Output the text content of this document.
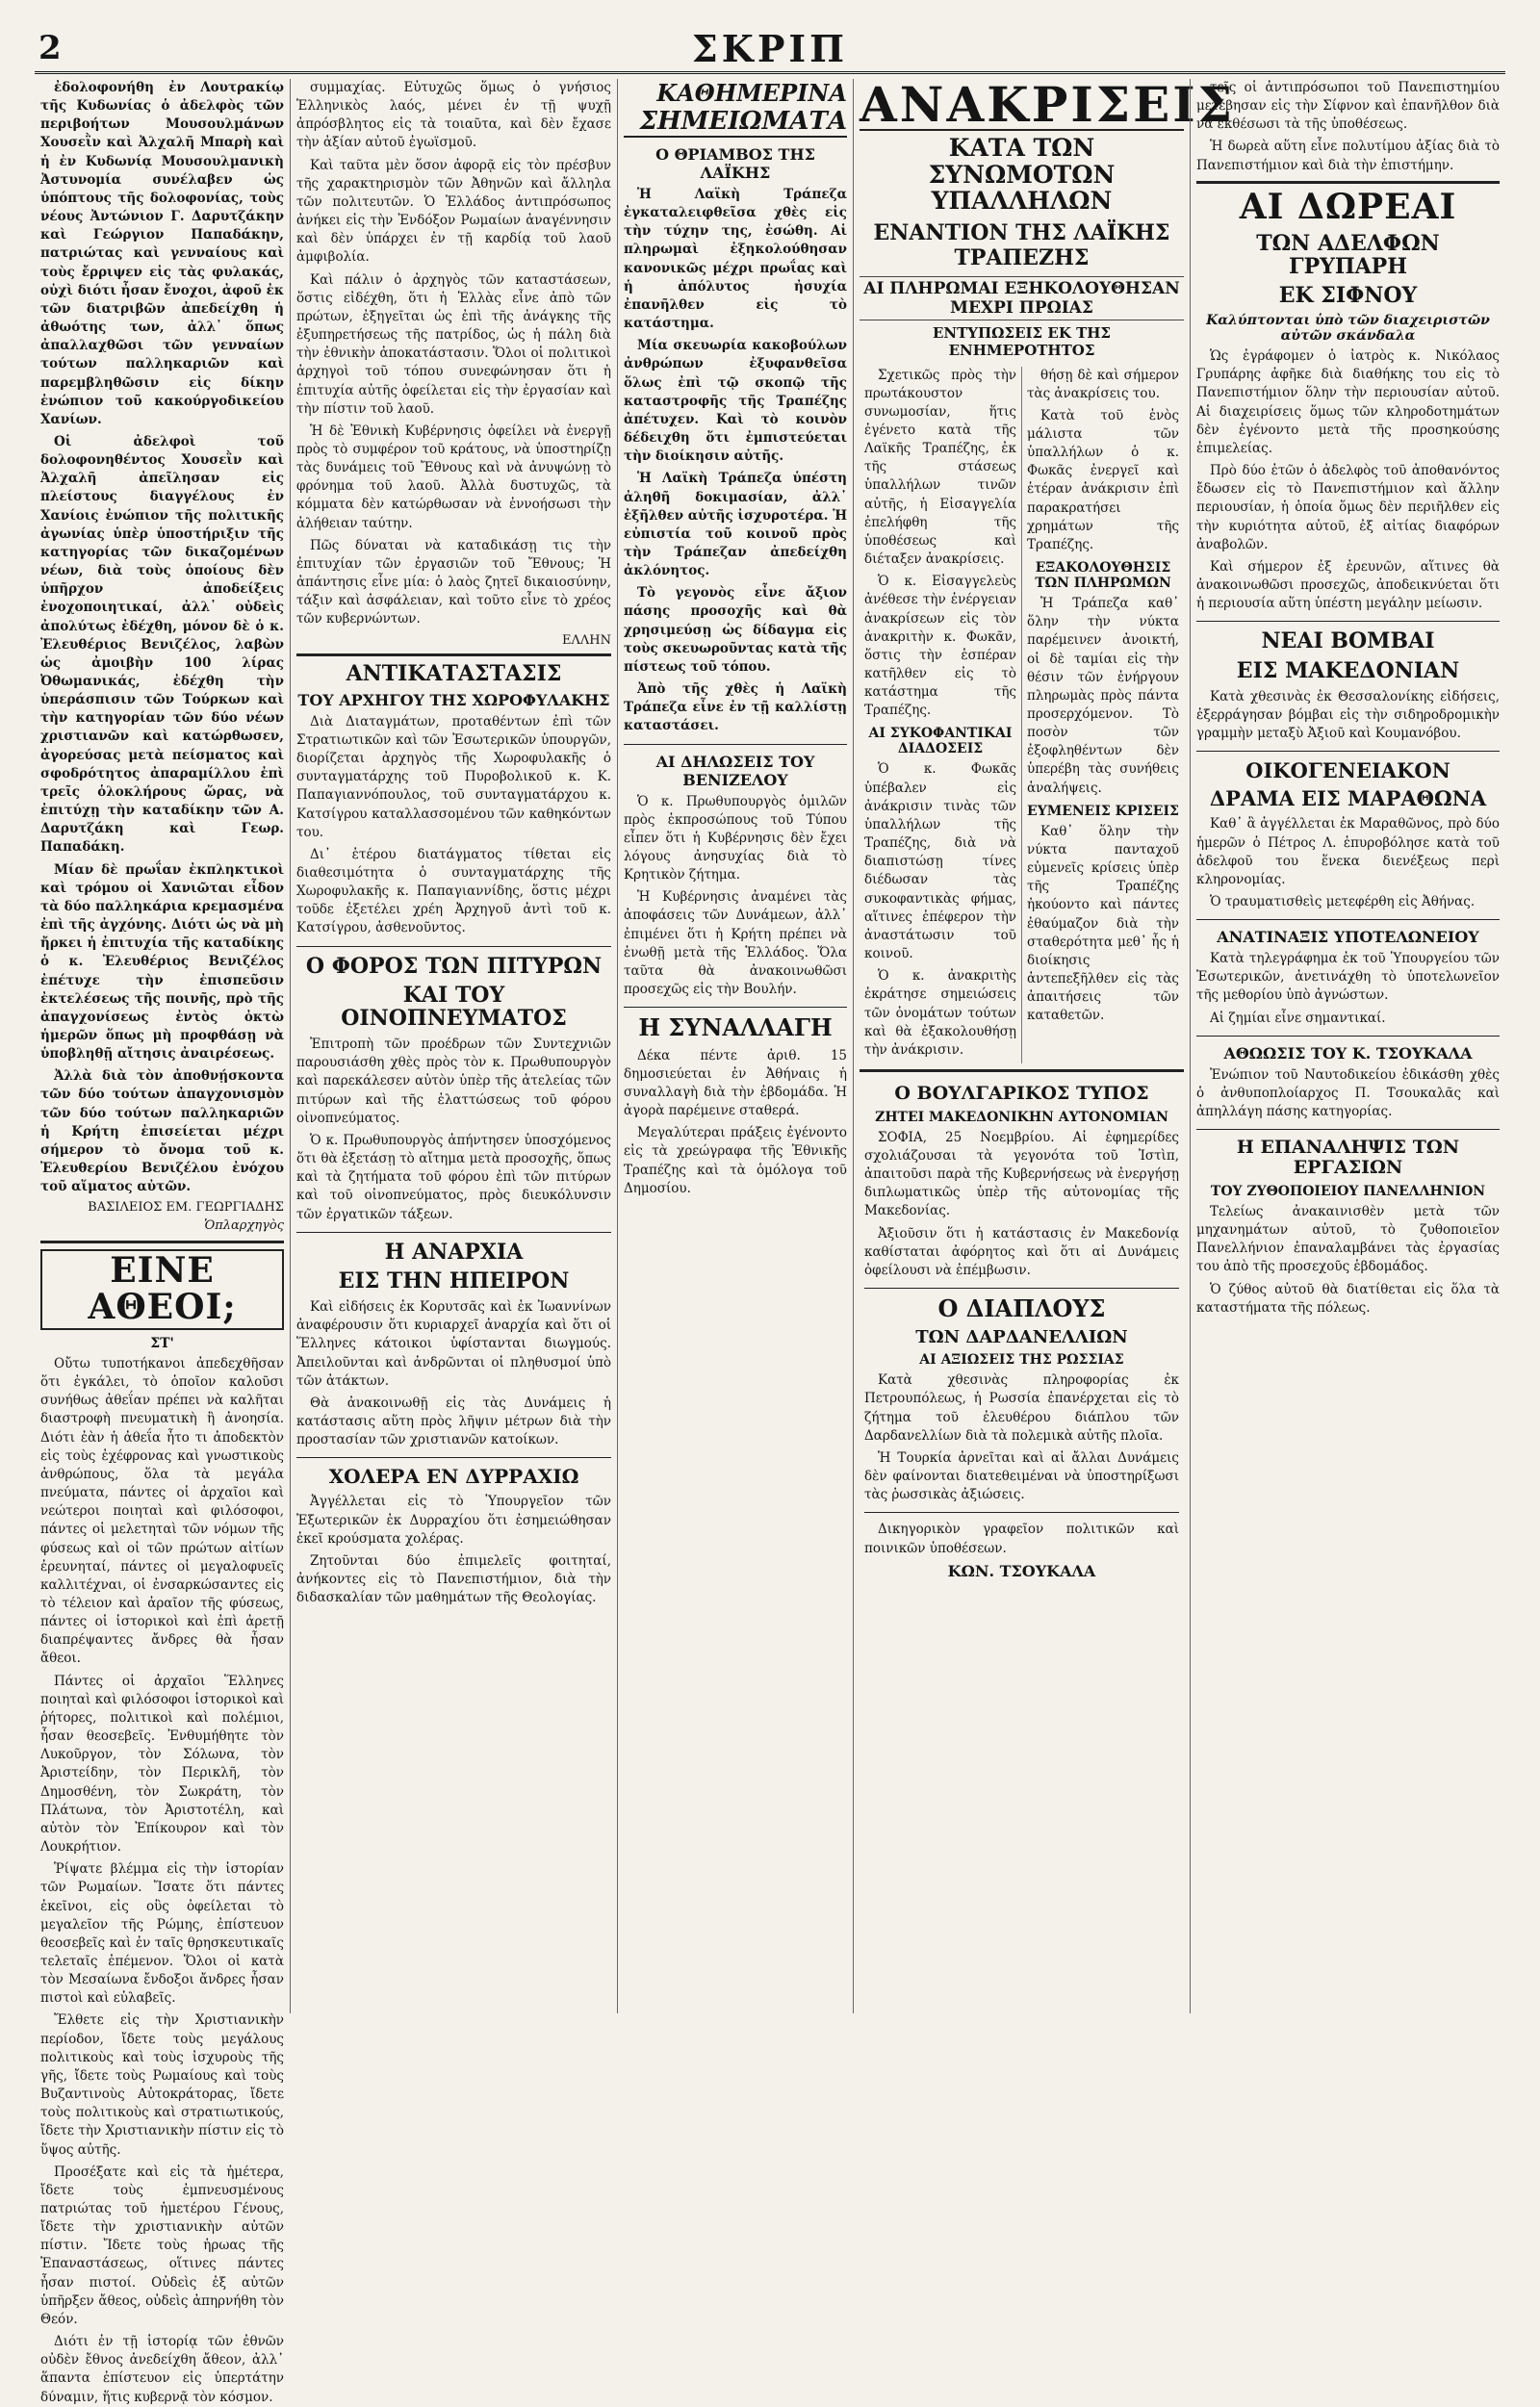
2	ΣΚΡΙΠ

ἐδολοφονήθη ἐν Λουτρακίῳ τῆς Κυδωνίας ὁ ἀδελφὸς τῶν περιβοήτων Μουσουλμάνων Χουσεῒν καὶ Ἀλχαλῆ Μπαρὴ καὶ ἡ ἐν Κυδωνίᾳ Μουσουλμανικὴ Ἀστυνομία συνέλαβεν ὡς ὑπόπτους τῆς δολοφονίας, τοὺς νέους Ἀντώνιον Γ. Δαρυτζάκην καὶ Γεώργιον Παπαδάκην, πατριώτας καὶ γενναίους καὶ τοὺς ἔρριψεν εἰς τὰς φυλακάς, οὐχὶ διότι ἦσαν ἔνοχοι, ἀφοῦ ἐκ τῶν διατριβῶν ἀπεδείχθη ἡ ἀθωότης των, ἀλλ᾽ ὅπως ἀπαλλαχθῶσι τῶν γενναίων τούτων παλληκαριῶν καὶ παρεμβληθῶσιν εἰς δίκην ἐνώπιον τοῦ κακούργοδικείου Χανίων.

Οἱ ἀδελφοὶ τοῦ δολοφονηθέντος Χουσεῒν καὶ Ἀλχαλῆ ἀπεῖλησαν εἰς πλείστους διαγγέλους ἐν Χανίοις ἐνώπιον τῆς πολιτικῆς ἀγωνίας ὑπὲρ ὑποστήριξιν τῆς κατηγορίας τῶν δικαζομένων νέων, διὰ τοὺς ὁποίους δὲν ὑπῆρχον ἀποδείξεις ἐνοχοποιητικαί, ἀλλ᾽ οὐδεὶς ἀπολύτως ἐδέχθη, μόνον δὲ ὁ κ. Ἐλευθέριος Βενιζέλος, λαβὼν ὡς ἀμοιβὴν 100 λίρας Ὀθωμανικάς, ἐδέχθη τὴν ὑπεράσπισιν τῶν Τούρκων καὶ τὴν κατηγορίαν τῶν δύο νέων χριστιανῶν καὶ κατώρθωσεν, ἀγορεύσας μετὰ πείσματος καὶ σφοδρότητος ἀπαραμίλλου ἐπὶ τρεῖς ὁλοκλήρους ὥρας, νὰ ἐπιτύχῃ τὴν καταδίκην τῶν Α. Δαρυτζάκη καὶ Γεωρ. Παπαδάκη.

Μίαν δὲ πρωΐαν ἐκπληκτικοὶ καὶ τρόμου οἱ Χανιῶται εἶδον τὰ δύο παλληκάρια κρεμασμένα ἐπὶ τῆς ἀγχόνης. Διότι ὡς νὰ μὴ ἤρκει ἡ ἐπιτυχία τῆς καταδίκης ὁ κ. Ἐλευθέριος Βενιζέλος ἐπέτυχε τὴν ἐπισπεῦσιν ἐκτελέσεως τῆς ποινῆς, πρὸ τῆς ἀπαγχονίσεως ἐντὸς ὀκτὼ ἡμερῶν ὅπως μὴ προφθάσῃ νὰ ὑποβληθῇ αἴτησις ἀναιρέσεως.

Ἀλλὰ διὰ τὸν ἀποθνῄσκοντα τῶν δύο τούτων ἀπαγχονισμὸν τῶν δύο τούτων παλληκαριῶν ἡ Κρήτη ἐπισείεται μέχρι σήμερον τὸ ὄνομα τοῦ κ. Ἐλευθερίου Βενιζέλου ἐνόχου τοῦ αἵματος αὐτῶν.

ΒΑΣΙΛΕΙΟΣ ΕΜ. ΓΕΩΡΓΙΑΔΗΣ
Ὁπλαρχηγὸς
ΕΙΝΕ ΑΘΕΟΙ;
ΣΤ'

Οὔτω τυποτήκανοι ἀπεδεχθῆσαν ὅτι ἐγκάλει, τὸ ὁποῖον καλοῦσι συνήθως ἀθεΐαν πρέπει νὰ καλῆται διαστροφὴ πνευματικὴ ἢ ἀνοησία. Διότι ἐὰν ἡ ἀθεΐα ἦτο τι ἀποδεκτὸν εἰς τοὺς ἐχέφρονας καὶ γνωστικοὺς ἀνθρώπους, ὅλα τὰ μεγάλα πνεύματα, πάντες οἱ ἀρχαῖοι καὶ νεώτεροι ποιηταὶ καὶ φιλόσοφοι, πάντες οἱ μελετηταὶ τῶν νόμων τῆς φύσεως καὶ οἱ τῶν πρώτων αἰτίων ἐρευνηταί, πάντες οἱ μεγαλοφυεῖς καλλιτέχναι, οἱ ἐνσαρκώσαντες εἰς τὸ τέλειον καὶ ἀραῖον τῆς φύσεως, πάντες οἱ ἱστορικοὶ καὶ ἐπὶ ἀρετῇ διαπρέψαντες ἄνδρες θὰ ἦσαν ἄθεοι.

Πάντες οἱ ἀρχαῖοι Ἕλληνες ποιηταὶ καὶ φιλόσοφοι ἱστορικοὶ καὶ ῥήτορες, πολιτικοὶ καὶ πολέμιοι, ἦσαν θεοσεβεῖς. Ἐνθυμήθητε τὸν Λυκοῦργον, τὸν Σόλωνα, τὸν Ἀριστείδην, τὸν Περικλῆ, τὸν Δημοσθένη, τὸν Σωκράτη, τὸν Πλάτωνα, τὸν Ἀριστοτέλη, καὶ αὐτὸν τὸν Ἐπίκουρον καὶ τὸν Λουκρήτιον.

Ῥίψατε βλέμμα εἰς τὴν ἱστορίαν τῶν Ρωμαίων. Ἴσατε ὅτι πάντες ἐκεῖνοι, εἰς οὓς ὀφείλεται τὸ μεγαλεῖον τῆς Ρώμης, ἐπίστευον θεοσεβεῖς καὶ ἐν ταῖς θρησκευτικαῖς τελεταῖς ἐπέμενον. Ὅλοι οἱ κατὰ τὸν Μεσαίωνα ἔνδοξοι ἄνδρες ἦσαν πιστοὶ καὶ εὐλαβεῖς.

Ἔλθετε εἰς τὴν Χριστιανικὴν περίοδον, ἴδετε τοὺς μεγάλους πολιτικοὺς καὶ τοὺς ἰσχυροὺς τῆς γῆς, ἴδετε τοὺς Ρωμαίους καὶ τοὺς Βυζαντινοὺς Αὐτοκράτορας, ἴδετε τοὺς πολιτικοὺς καὶ στρατιωτικούς, ἴδετε τὴν Χριστιανικὴν πίστιν εἰς τὸ ὕψος αὐτῆς.

Προσέξατε καὶ εἰς τὰ ἡμέτερα, ἴδετε τοὺς ἐμπνευσμένους πατριώτας τοῦ ἡμετέρου Γένους, ἴδετε τὴν χριστιανικὴν αὐτῶν πίστιν. Ἴδετε τοὺς ἡρωας τῆς Ἐπαναστάσεως, οἵτινες πάντες ἦσαν πιστοί. Οὐδεὶς ἐξ αὐτῶν ὑπῆρξεν ἄθεος, οὐδεὶς ἀπηρνήθη τὸν Θεόν.

Διότι ἐν τῇ ἱστορίᾳ τῶν ἐθνῶν οὐδὲν ἔθνος ἀνεδείχθη ἄθεον, ἀλλ᾽ ἅπαντα ἐπίστευον εἰς ὑπερτάτην δύναμιν, ἥτις κυβερνᾷ τὸν κόσμον.

συμμαχίας. Εὐτυχῶς ὅμως ὁ γνήσιος Ἑλληνικὸς λαός, μένει ἐν τῇ ψυχῇ ἀπρόσβλητος εἰς τὰ τοιαῦτα, καὶ δὲν ἔχασε τὴν ἀξίαν αὐτοῦ ἐγωϊσμοῦ.

Καὶ ταῦτα μὲν ὅσον ἀφορᾷ εἰς τὸν πρέσβυν τῆς χαρακτηρισμὸν τῶν Ἀθηνῶν καὶ ἄλληλα τῶν πολιτευτῶν. Ὁ Ἑλλάδος ἀντιπρόσωπος ἀνήκει εἰς τὴν Ἐνδόξον Ρωμαίων ἀναγέννησιν καὶ δὲν ὑπάρχει ἐν τῇ καρδίᾳ τοῦ λαοῦ ἀμφιβολία.

Καὶ πάλιν ὁ ἀρχηγὸς τῶν καταστάσεων, ὅστις εἰδέχθη, ὅτι ἡ Ἑλλὰς εἶνε ἀπὸ τῶν πρώτων, ἐξηγεῖται ὡς ἐπὶ τῆς ἀνάγκης τῆς ἐξυπηρετήσεως τῆς πατρίδος, ὡς ἡ πάλη διὰ τὴν ἐθνικὴν ἀποκατάστασιν. Ὅλοι οἱ πολιτικοὶ ἀρχηγοὶ τοῦ τόπου συνεφώνησαν ὅτι ἡ ἐπιτυχία αὐτῆς ὀφείλεται εἰς τὴν ἐργασίαν καὶ τὴν πίστιν τοῦ λαοῦ.

Ἡ δὲ Ἐθνικὴ Κυβέρνησις ὀφείλει νὰ ἐνεργῇ πρὸς τὸ συμφέρον τοῦ κράτους, νὰ ὑποστηρίζῃ τὰς δυνάμεις τοῦ Ἔθνους καὶ νὰ ἀνυψώνῃ τὸ φρόνημα τοῦ λαοῦ. Ἀλλὰ δυστυχῶς, τὰ κόμματα δὲν κατώρθωσαν νὰ ἐννοήσωσι τὴν ἀλήθειαν ταύτην.

Πῶς δύναται νὰ καταδικάσῃ τις τὴν ἐπιτυχίαν τῶν ἐργασιῶν τοῦ Ἔθνους; Ἡ ἀπάντησις εἶνε μία: ὁ λαὸς ζητεῖ δικαιοσύνην, τάξιν καὶ ἀσφάλειαν, καὶ τοῦτο εἶνε τὸ χρέος τῶν κυβερνώντων.

ΕΛΛΗΝ
ΑΝΤΙΚΑΤΑΣΤΑΣΙΣ
ΤΟΥ ΑΡΧΗΓΟΥ ΤΗΣ ΧΩΡΟΦΥΛΑΚΗΣ

Διὰ Διαταγμάτων, προταθέντων ἐπὶ τῶν Στρατιωτικῶν καὶ τῶν Ἐσωτερικῶν ὑπουργῶν, διορίζεται ἀρχηγὸς τῆς Χωροφυλακῆς ὁ συνταγματάρχης τοῦ Πυροβολικοῦ κ. Κ. Παπαγιαννόπουλος, τοῦ συνταγματάρχου κ. Κατσίγρου καταλλασσομένου τῶν καθηκόντων του.

Δι᾽ ἑτέρου διατάγματος τίθεται εἰς διαθεσιμότητα ὁ συνταγματάρχης τῆς Χωροφυλακῆς κ. Παπαγιαννίδης, ὅστις μέχρι τοῦδε ἐξετέλει χρέη Ἀρχηγοῦ ἀντὶ τοῦ κ. Κατσίγρου, ἀσθενοῦντος.

Ο ΦΟΡΟΣ ΤΩΝ ΠΙΤΥΡΩΝ
ΚΑΙ ΤΟΥ ΟΙΝΟΠΝΕΥΜΑΤΟΣ

Ἐπιτροπὴ τῶν προέδρων τῶν Συντεχνιῶν παρουσιάσθη χθὲς πρὸς τὸν κ. Πρωθυπουργὸν καὶ παρεκάλεσεν αὐτὸν ὑπὲρ τῆς ἀτελείας τῶν πιτύρων καὶ τῆς ἐλαττώσεως τοῦ φόρου οἰνοπνεύματος.

Ὁ κ. Πρωθυπουργὸς ἀπήντησεν ὑποσχόμενος ὅτι θὰ ἐξετάσῃ τὸ αἴτημα μετὰ προσοχῆς, ὅπως καὶ τὰ ζητήματα τοῦ φόρου ἐπὶ τῶν πιτύρων καὶ τοῦ οἰνοπνεύματος, πρὸς διευκόλυνσιν τῶν ἐργατικῶν τάξεων.

Η ΑΝΑΡΧΙΑ
ΕΙΣ ΤΗΝ ΗΠΕΙΡΟΝ

Καὶ εἰδήσεις ἐκ Κορυτσᾶς καὶ ἐκ Ἰωαννίνων ἀναφέρουσιν ὅτι κυριαρχεῖ ἀναρχία καὶ ὅτι οἱ Ἕλληνες κάτοικοι ὑφίστανται διωγμούς. Ἀπειλοῦνται καὶ ἀνδρῶνται οἱ πληθυσμοί ὑπὸ τῶν ἀτάκτων.

Θὰ ἀνακοινωθῇ εἰς τὰς Δυνάμεις ἡ κατάστασις αὕτη πρὸς λῆψιν μέτρων διὰ τὴν προστασίαν τῶν χριστιανῶν κατοίκων.

ΧΟΛΕΡΑ ΕΝ ΔΥΡΡΑΧΙΩ

Ἀγγέλλεται εἰς τὸ Ὑπουργεῖον τῶν Ἐξωτερικῶν ἐκ Δυρραχίου ὅτι ἐσημειώθησαν ἐκεῖ κρούσματα χολέρας.

Ζητοῦνται δύο ἐπιμελεῖς φοιτηταί, ἀνήκοντες εἰς τὸ Πανεπιστήμιον, διὰ τὴν διδασκαλίαν τῶν μαθημάτων τῆς Θεολογίας.

ΚΑΘΗΜΕΡΙΝΑ
ΣΗΜΕΙΩΜΑΤΑ
Ο ΘΡΙΑΜΒΟΣ ΤΗΣ ΛΑΪΚΗΣ

Ἡ Λαϊκὴ Τράπεζα ἐγκαταλειφθεῖσα χθὲς εἰς τὴν τύχην της, ἐσώθη. Αἱ πληρωμαὶ ἐξηκολούθησαν κανονικῶς μέχρι πρωΐας καὶ ἡ ἀπόλυτος ἠσυχία ἐπανῆλθεν εἰς τὸ κατάστημα.

Μία σκευωρία κακοβούλων ἀνθρώπων ἐξυφανθεῖσα ὅλως ἐπὶ τῷ σκοπῷ τῆς καταστροφῆς τῆς Τραπέζης ἀπέτυχεν. Καὶ τὸ κοινὸν δέδειχθη ὅτι ἐμπιστεύεται τὴν διοίκησιν αὐτῆς.

Ἡ Λαϊκὴ Τράπεζα ὑπέστη ἀληθῆ δοκιμασίαν, ἀλλ᾽ ἐξῆλθεν αὐτῆς ἰσχυροτέρα. Ἡ εὐπιστία τοῦ κοινοῦ πρὸς τὴν Τράπεζαν ἀπεδείχθη ἀκλόνητος.

Τὸ γεγονὸς εἶνε ἄξιον πάσης προσοχῆς καὶ θὰ χρησιμεύσῃ ὡς δίδαγμα εἰς τοὺς σκευωροῦντας κατὰ τῆς πίστεως τοῦ τόπου.

Ἀπὸ τῆς χθὲς ἡ Λαϊκὴ Τράπεζα εἶνε ἐν τῇ καλλίστῃ καταστάσει.

ΑΙ ΔΗΛΩΣΕΙΣ ΤΟΥ ΒΕΝΙΖΕΛΟΥ

Ὁ κ. Πρωθυπουργὸς ὁμιλῶν πρὸς ἐκπροσώπους τοῦ Τύπου εἶπεν ὅτι ἡ Κυβέρνησις δὲν ἔχει λόγους ἀνησυχίας διὰ τὸ Κρητικὸν ζήτημα.

Ἡ Κυβέρνησις ἀναμένει τὰς ἀποφάσεις τῶν Δυνάμεων, ἀλλ᾽ ἐπιμένει ὅτι ἡ Κρήτη πρέπει νὰ ἑνωθῇ μετὰ τῆς Ἑλλάδος. Ὅλα ταῦτα θὰ ἀνακοινωθῶσι προσεχῶς εἰς τὴν Βουλήν.

Η ΣΥΝΑΛΛΑΓΗ

Δέκα πέντε ἀριθ. 15 δημοσιεύεται ἐν Ἀθήναις ἡ συναλλαγὴ διὰ τὴν ἐβδομάδα. Ἡ ἀγορὰ παρέμεινε σταθερά.

Μεγαλύτεραι πράξεις ἐγένοντο εἰς τὰ χρεώγραφα τῆς Ἐθνικῆς Τραπέζης καὶ τὰ ὁμόλογα τοῦ Δημοσίου.

ΑΝΑΚΡΙΣΕΙΣ
ΚΑΤΑ ΤΩΝ ΣΥΝΩΜΟΤΩΝ ΥΠΑΛΛΗΛΩΝ
ΕΝΑΝΤΙΟΝ ΤΗΣ ΛΑΪΚΗΣ ΤΡΑΠΕΖΗΣ
ΑΙ ΠΛΗΡΩΜΑΙ ΕΞΗΚΟΛΟΥΘΗΣΑΝ ΜΕΧΡΙ ΠΡΩΙΑΣ
ΕΝΤΥΠΩΣΕΙΣ ΕΚ ΤΗΣ ΕΝΗΜΕΡΟΤΗΤΟΣ

Σχετικῶς πρὸς τὴν πρωτάκουστον συνωμοσίαν, ἥτις ἐγένετο κατὰ τῆς Λαϊκῆς Τραπέζης, ἐκ τῆς στάσεως ὑπαλλήλων τινῶν αὐτῆς, ἡ Εἰσαγγελία ἐπελήφθη τῆς ὑποθέσεως καὶ διέταξεν ἀνακρίσεις.

Ὁ κ. Εἰσαγγελεὺς ἀνέθεσε τὴν ἐνέργειαν ἀνακρίσεων εἰς τὸν ἀνακριτὴν κ. Φωκᾶν, ὅστις τὴν ἑσπέραν κατῆλθεν εἰς τὸ κατάστημα τῆς Τραπέζης.

ΑΙ ΣΥΚΟΦΑΝΤΙΚΑΙ ΔΙΑΔΟΣΕΙΣ

Ὁ κ. Φωκᾶς ὑπέβαλεν εἰς ἀνάκρισιν τινὰς τῶν ὑπαλλήλων τῆς Τραπέζης, διὰ νὰ διαπιστώσῃ τίνες διέδωσαν τὰς συκοφαντικὰς φήμας, αἵτινες ἐπέφερον τὴν ἀναστάτωσιν τοῦ κοινοῦ.

Ὁ κ. ἀνακριτὴς ἐκράτησε σημειώσεις τῶν ὀνομάτων τούτων καὶ θὰ ἐξακολουθήσῃ τὴν ἀνάκρισιν.

θήσῃ δὲ καὶ σήμερον τὰς ἀνακρίσεις του.

Κατὰ τοῦ ἑνὸς μάλιστα τῶν ὑπαλλήλων ὁ κ. Φωκᾶς ἐνεργεῖ καὶ ἑτέραν ἀνάκρισιν ἐπὶ παρακρατήσει χρημάτων τῆς Τραπέζης.

ΕΞΑΚΟΛΟΥΘΗΣΙΣ ΤΩΝ ΠΛΗΡΩΜΩΝ

Ἡ Τράπεζα καθ᾽ ὅλην τὴν νύκτα παρέμεινεν ἀνοικτή, οἱ δὲ ταμίαι εἰς τὴν θέσιν τῶν ἐνήργουν πληρωμὰς πρὸς πάντα προσερχόμενον. Τὸ ποσὸν τῶν ἐξοφληθέντων δὲν ὑπερέβη τὰς συνήθεις ἀναλήψεις.

ΕΥΜΕΝΕΙΣ ΚΡΙΣΕΙΣ

Καθ᾽ ὅλην τὴν νύκτα πανταχοῦ εὐμενεῖς κρίσεις ὑπὲρ τῆς Τραπέζης ἠκούοντο καὶ πάντες ἐθαύμαζον διὰ τὴν σταθερότητα μεθ᾽ ἧς ἡ διοίκησις ἀντεπεξῆλθεν εἰς τὰς ἀπαιτήσεις τῶν καταθετῶν.

Ο ΒΟΥΛΓΑΡΙΚΟΣ ΤΥΠΟΣ
ΖΗΤΕΙ ΜΑΚΕΔΟΝΙΚΗΝ ΑΥΤΟΝΟΜΙΑΝ

ΣΟΦΙΑ, 25 Νοεμβρίου. Αἱ ἐφημερίδες σχολιάζουσαι τὰ γεγονότα τοῦ Ἰστὶπ, ἀπαιτοῦσι παρὰ τῆς Κυβερνήσεως νὰ ἐνεργήσῃ διπλωματικῶς ὑπὲρ τῆς αὐτονομίας τῆς Μακεδονίας.

Ἀξιοῦσιν ὅτι ἡ κατάστασις ἐν Μακεδονίᾳ καθίσταται ἀφόρητος καὶ ὅτι αἱ Δυνάμεις ὀφείλουσι νὰ ἐπέμβωσιν.

Ο ΔΙΑΠΛΟΥΣ
ΤΩΝ ΔΑΡΔΑΝΕΛΛΙΩΝ
ΑΙ ΑΞΙΩΣΕΙΣ ΤΗΣ ΡΩΣΣΙΑΣ

Κατὰ χθεσινὰς πληροφορίας ἐκ Πετρουπόλεως, ἡ Ρωσσία ἐπανέρχεται εἰς τὸ ζήτημα τοῦ ἐλευθέρου διάπλου τῶν Δαρδανελλίων διὰ τὰ πολεμικὰ αὐτῆς πλοῖα.

Ἡ Τουρκία ἀρνεῖται καὶ αἱ ἄλλαι Δυνάμεις δὲν φαίνονται διατεθειμέναι νὰ ὑποστηρίξωσι τὰς ῥωσσικὰς ἀξιώσεις.

Δικηγορικὸν γραφεῖον πολιτικῶν καὶ ποινικῶν ὑποθέσεων.

ΚΩΝ. ΤΣΟΥΚΑΛΑ

τεῖς οἱ ἀντιπρόσωποι τοῦ Πανεπιστημίου μετέβησαν εἰς τὴν Σίφνον καὶ ἐπανῆλθον διὰ νὰ ἐκθέσωσι τὰ τῆς ὑποθέσεως.

Ἡ δωρεὰ αὕτη εἶνε πολυτίμου ἀξίας διὰ τὸ Πανεπιστήμιον καὶ διὰ τὴν ἐπιστήμην.

ΑΙ ΔΩΡΕΑΙ
ΤΩΝ ΑΔΕΛΦΩΝ ΓΡΥΠΑΡΗ
ΕΚ ΣΙΦΝΟΥ
Καλύπτονται ὑπὸ τῶν διαχειριστῶν αὐτῶν σκάνδαλα

Ὡς ἐγράφομεν ὁ ἰατρὸς κ. Νικόλαος Γρυπάρης ἀφῆκε διὰ διαθήκης του εἰς τὸ Πανεπιστήμιον ὅλην τὴν περιουσίαν αὐτοῦ. Αἱ διαχειρίσεις ὅμως τῶν κληροδοτημάτων δὲν ἐγένοντο μετὰ τῆς προσηκούσης ἐπιμελείας.

Πρὸ δύο ἐτῶν ὁ ἀδελφὸς τοῦ ἀποθανόντος ἔδωσεν εἰς τὸ Πανεπιστήμιον καὶ ἄλλην περιουσίαν, ἡ ὁποία ὅμως δὲν περιῆλθεν εἰς τὴν κυριότητα αὐτοῦ, ἐξ αἰτίας διαφόρων ἀναβολῶν.

Καὶ σήμερον ἐξ ἐρευνῶν, αἵτινες θὰ ἀνακοινωθῶσι προσεχῶς, ἀποδεικνύεται ὅτι ἡ περιουσία αὕτη ὑπέστη μεγάλην μείωσιν.

ΝΕΑΙ ΒΟΜΒΑΙ
ΕΙΣ ΜΑΚΕΔΟΝΙΑΝ

Κατὰ χθεσινὰς ἐκ Θεσσαλονίκης εἰδήσεις, ἐξερράγησαν βόμβαι εἰς τὴν σιδηροδρομικὴν γραμμὴν μεταξὺ Ἀξιοῦ καὶ Κουμανόβου.

ΟΙΚΟΓΕΝΕΙΑΚΟΝ
ΔΡΑΜΑ ΕΙΣ ΜΑΡΑΘΩΝΑ

Καθ᾽ ἃ ἀγγέλλεται ἐκ Μαραθῶνος, πρὸ δύο ἡμερῶν ὁ Πέτρος Λ. ἐπυροβόλησε κατὰ τοῦ ἀδελφοῦ του ἕνεκα διενέξεως περὶ κληρονομίας.

Ὁ τραυματισθεὶς μετεφέρθη εἰς Ἀθήνας.

ΑΝΑΤΙΝΑΞΙΣ ΥΠΟΤΕΛΩΝΕΙΟΥ

Κατὰ τηλεγράφημα ἐκ τοῦ Ὑπουργείου τῶν Ἐσωτερικῶν, ἀνετινάχθη τὸ ὑποτελωνεῖον τῆς μεθορίου ὑπὸ ἀγνώστων.

Αἱ ζημίαι εἶνε σημαντικαί.

ΑΘΩΩΣΙΣ ΤΟΥ Κ. ΤΣΟΥΚΑΛΑ

Ἐνώπιον τοῦ Ναυτοδικείου ἐδικάσθη χθὲς ὁ ἀνθυποπλοίαρχος Π. Τσουκαλᾶς καὶ ἀπηλλάγη πάσης κατηγορίας.

Η ΕΠΑΝΑΛΗΨΙΣ ΤΩΝ ΕΡΓΑΣΙΩΝ
ΤΟΥ ΖΥΘΟΠΟΙΕΙΟΥ ΠΑΝΕΛΛΗΝΙΟΝ

Τελείως ἀνακαινισθὲν μετὰ τῶν μηχανημάτων αὐτοῦ, τὸ ζυθοποιεῖον Πανελλήνιον ἐπαναλαμβάνει τὰς ἐργασίας του ἀπὸ τῆς προσεχοῦς ἑβδομάδος.

Ὁ ζύθος αὐτοῦ θὰ διατίθεται εἰς ὅλα τὰ καταστήματα τῆς πόλεως.
